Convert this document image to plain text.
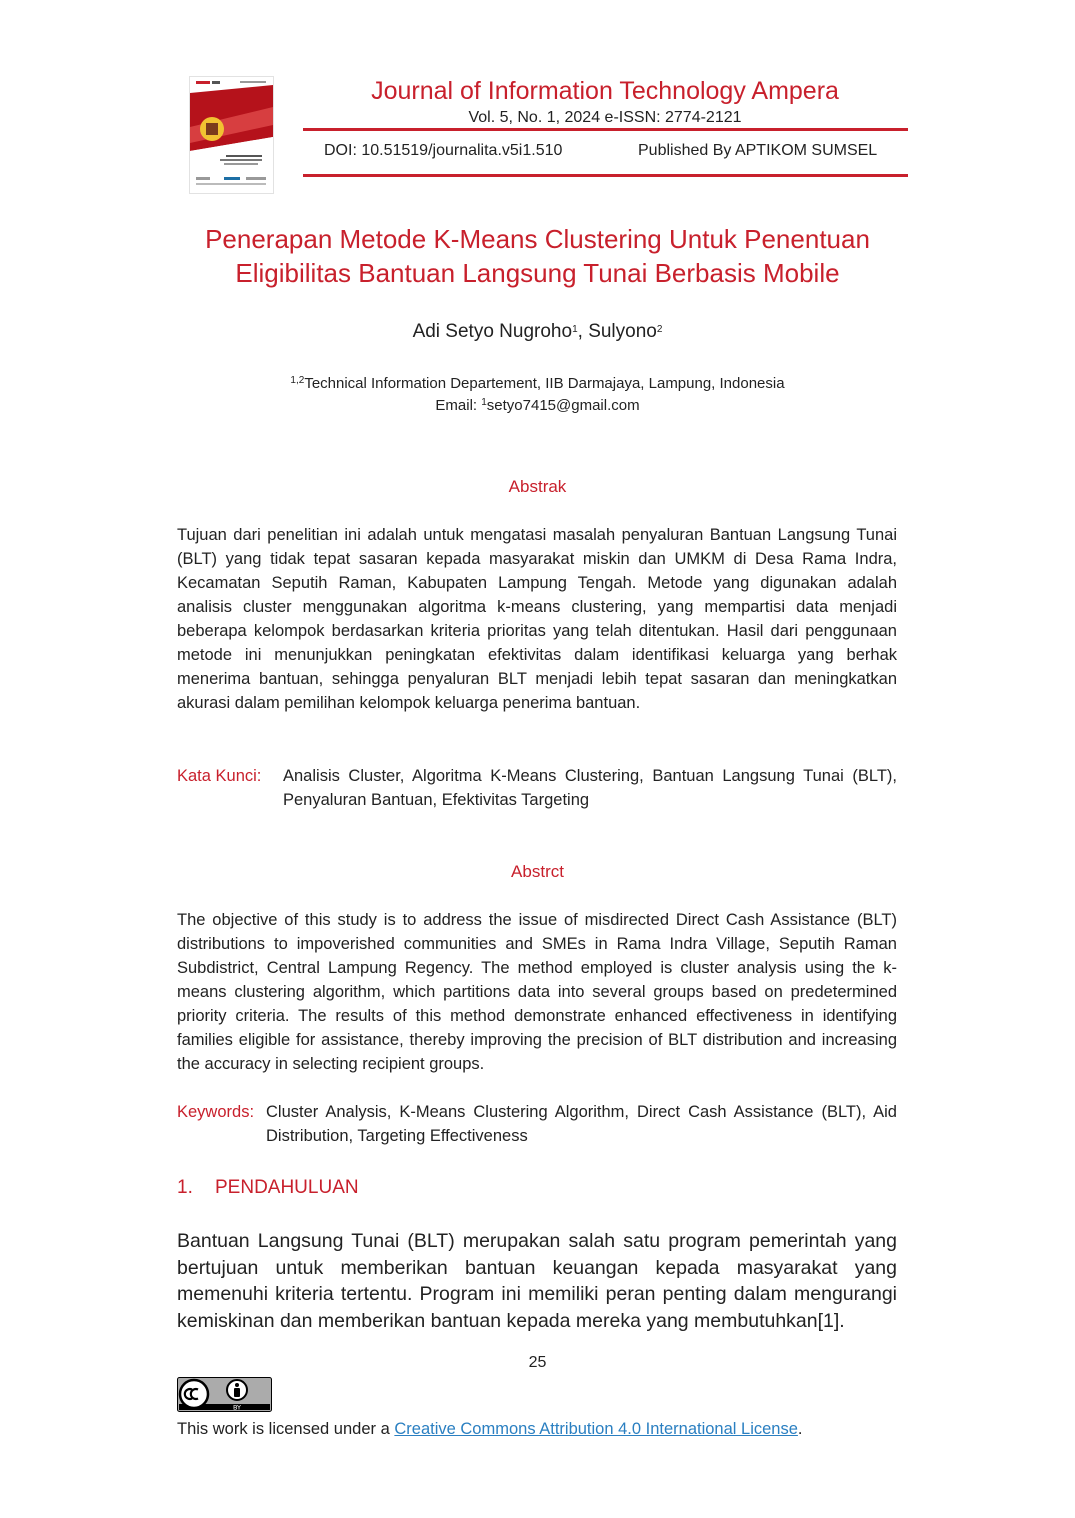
Journal of Information Technology Ampera
Vol. 5, No. 1, 2024 e-ISSN: 2774-2121
DOI: 10.51519/journalita.v5i1.510	Published By APTIKOM SUMSEL
Penerapan Metode K-Means Clustering Untuk Penentuan
Eligibilitas Bantuan Langsung Tunai Berbasis Mobile
Adi Setyo Nugroho$^1$, Sulyono$^2$
$^{1,2}$Technical Information Departement, IIB Darmajaya, Lampung, Indonesia
Email: $^1$setyo7415@gmail.com
Abstrak
Tujuan dari penelitian ini adalah untuk mengatasi masalah penyaluran Bantuan Langsung Tunai (BLT) yang tidak tepat sasaran kepada masyarakat miskin dan UMKM di Desa Rama Indra, Kecamatan Seputih Raman, Kabupaten Lampung Tengah. Metode yang digunakan adalah analisis cluster menggunakan algoritma k-means clustering, yang mempartisi data menjadi beberapa kelompok berdasarkan kriteria prioritas yang telah ditentukan. Hasil dari penggunaan metode ini menunjukkan peningkatan efektivitas dalam identifikasi keluarga yang berhak menerima bantuan, sehingga penyaluran BLT menjadi lebih tepat sasaran dan meningkatkan akurasi dalam pemilihan kelompok keluarga penerima bantuan.
Kata Kunci:	Analisis Cluster, Algoritma K-Means Clustering, Bantuan Langsung Tunai (BLT), Penyaluran Bantuan, Efektivitas Targeting
Abstrct
The objective of this study is to address the issue of misdirected Direct Cash Assistance (BLT) distributions to impoverished communities and SMEs in Rama Indra Village, Seputih Raman Subdistrict, Central Lampung Regency. The method employed is cluster analysis using the k-means clustering algorithm, which partitions data into several groups based on predetermined priority criteria. The results of this method demonstrate enhanced effectiveness in identifying families eligible for assistance, thereby improving the precision of BLT distribution and increasing the accuracy in selecting recipient groups.
Keywords: Cluster Analysis, K-Means Clustering Algorithm, Direct Cash Assistance (BLT), Aid Distribution, Targeting Effectiveness
1. PENDAHULUAN
Bantuan Langsung Tunai (BLT) merupakan salah satu program pemerintah yang bertujuan untuk memberikan bantuan keuangan kepada masyarakat yang memenuhi kriteria tertentu. Program ini memiliki peran penting dalam mengurangi kemiskinan dan memberikan bantuan kepada mereka yang membutuhkan[1].
25
BY
This work is licensed under a Creative Commons Attribution 4.0 International License.
